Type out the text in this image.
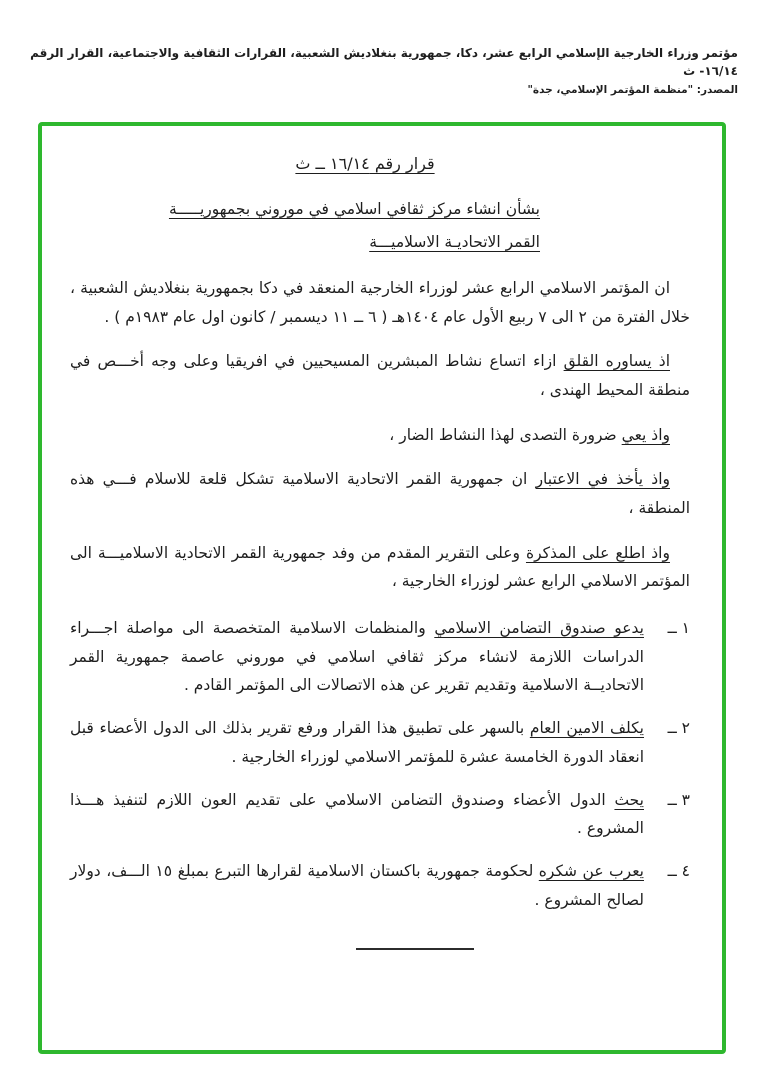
مؤتمر وزراء الخارجية الإسلامي الرابع عشر، دكا، جمهورية بنغلاديش الشعبية، القرارات الثقافية والاجتماعية، القرار الرقم ١٦/١٤- ث
المصدر: "منظمة المؤتمر الإسلامي، جدة"
قرار رقم ١٦/١٤ ــ ث
بشأن انشاء مركز ثقافي اسلامي في موروني بجمهوريـــــة
القمر الاتحاديـة الاسلاميـــة

ان المؤتمر الاسلامي الرابع عشر لوزراء الخارجية المنعقد في دكا بجمهورية بنغلاديش الشعبية ، خلال الفترة من ٢ الى ٧ ربيع الأول عام ١٤٠٤هـ ( ٦ ــ ١١ ديسمبر / كانون اول عام ١٩٨٣م ) .

اذ يساوره القلق ازاء اتساع نشاط المبشرين المسيحيين في افريقيا وعلى وجه أخـــص في منطقة المحيط الهندى ،

واذ يعي ضرورة التصدى لهذا النشاط الضار ،

واذ يأخذ في الاعتبار ان جمهورية القمر الاتحادية الاسلامية تشكل قلعة للاسلام فـــي هذه المنطقة ،

واذ اطلع على المذكرة وعلى التقرير المقدم من وفد جمهورية القمر الاتحادية الاسلاميـــة الى المؤتمر الاسلامي الرابع عشر لوزراء الخارجية ،

١ ــ
يدعو صندوق التضامن الاسلامي والمنظمات الاسلامية المتخصصة الى مواصلة اجـــراء الدراسات اللازمة لانشاء مركز ثقافي اسلامي في موروني عاصمة جمهورية القمر الاتحاديــة الاسلامية وتقديم تقرير عن هذه الاتصالات الى المؤتمر القادم .
٢ ــ
يكلف الامين العام بالسهر على تطبيق هذا القرار ورفع تقرير بذلك الى الدول الأعضاء قبل انعقاد الدورة الخامسة عشرة للمؤتمر الاسلامي لوزراء الخارجية .
٣ ــ
يحث الدول الأعضاء وصندوق التضامن الاسلامي على تقديم العون اللازم لتنفيذ هـــذا المشروع .
٤ ــ
يعرب عن شكره لحكومة جمهورية باكستان الاسلامية لقرارها التبرع بمبلغ ١٥ الـــف، دولار لصالح المشروع .
